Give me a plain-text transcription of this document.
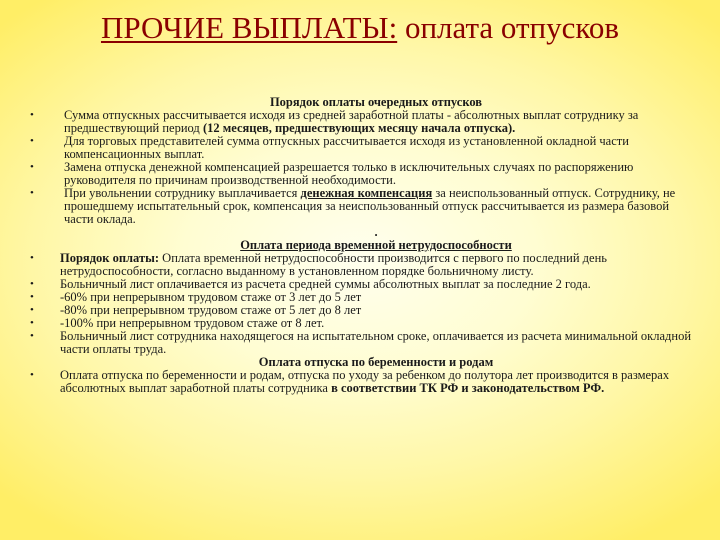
ПРОЧИЕ ВЫПЛАТЫ: оплата отпусков
Порядок оплаты очередных отпусков
•	Сумма отпускных рассчитывается исходя из средней заработной платы - абсолютных выплат сотруднику за предшествующий период (12 месяцев, предшествующих месяцу начала отпуска).
•	Для торговых представителей сумма отпускных рассчитывается исходя из установленной окладной части компенсационных выплат.
•	Замена отпуска денежной компенсацией разрешается только в исключительных случаях по распоряжению руководителя по причинам производственной необходимости.
•	При увольнении сотруднику выплачивается денежная компенсация за неиспользованный отпуск. Сотруднику, не прошедшему испытательный срок, компенсация за неиспользованный отпуск рассчитывается из размера базовой части оклада.
.
Оплата периода временной нетрудоспособности
• Порядок оплаты: Оплата временной нетрудоспособности производится с первого по последний день нетрудоспособности, согласно выданному в установленном порядке больничному листу.
• Больничный лист оплачивается из расчета средней суммы абсолютных выплат за последние 2 года.
• -60% при непрерывном трудовом стаже от 3 лет до 5 лет
• -80% при непрерывном трудовом стаже от 5 лет до 8 лет
• -100% при непрерывном трудовом стаже от 8 лет.
• Больничный лист сотрудника находящегося на испытательном сроке, оплачивается из расчета минимальной окладной части оплаты труда.
Оплата отпуска по беременности и родам
• Оплата отпуска по беременности и родам, отпуска по уходу за ребенком до полутора лет производится в размерах абсолютных выплат заработной платы сотрудника в соответствии ТК РФ и законодательством РФ.
